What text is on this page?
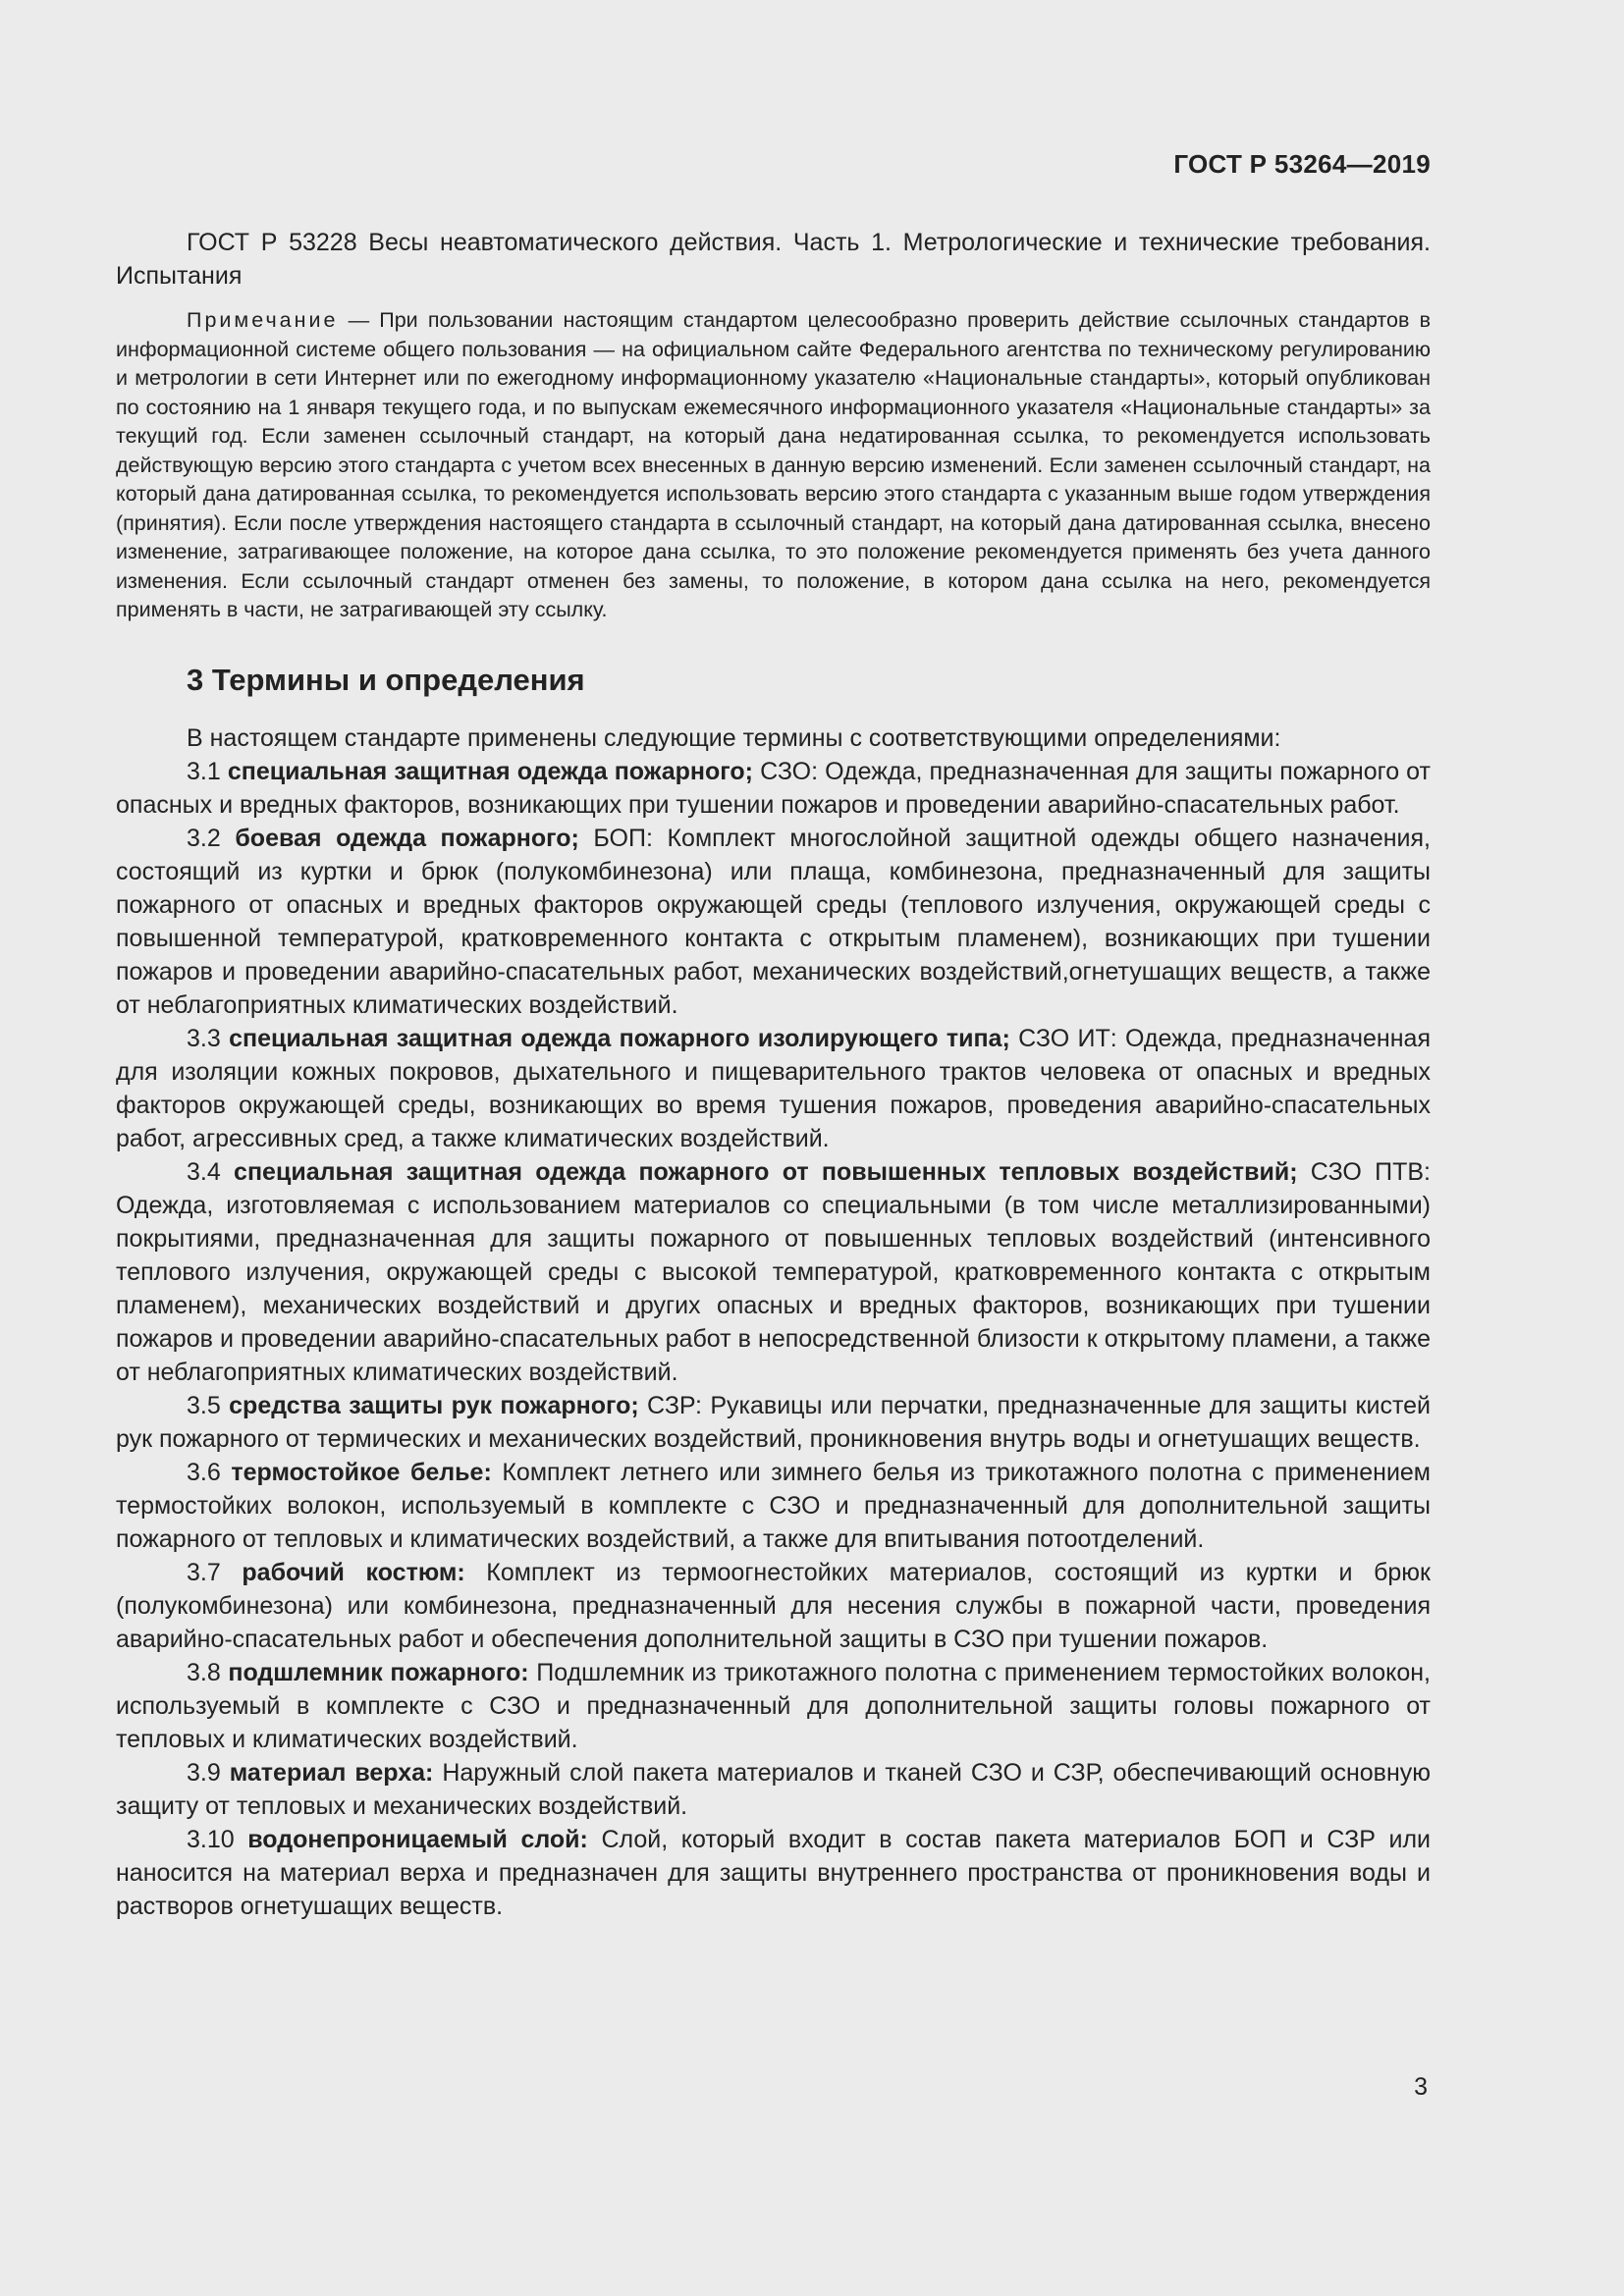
ГОСТ Р 53264—2019

ГОСТ Р 53228 Весы неавтоматического действия. Часть 1. Метрологические и технические требования. Испытания

Примечание — При пользовании настоящим стандартом целесообразно проверить действие ссылочных стандартов в информационной системе общего пользования — на официальном сайте Федерального агентства по техническому регулированию и метрологии в сети Интернет или по ежегодному информационному указателю «Национальные стандарты», который опубликован по состоянию на 1 января текущего года, и по выпускам ежемесячного информационного указателя «Национальные стандарты» за текущий год. Если заменен ссылочный стандарт, на который дана недатированная ссылка, то рекомендуется использовать действующую версию этого стандарта с учетом всех внесенных в данную версию изменений. Если заменен ссылочный стандарт, на который дана датированная ссылка, то рекомендуется использовать версию этого стандарта с указанным выше годом утверждения (принятия). Если после утверждения настоящего стандарта в ссылочный стандарт, на который дана датированная ссылка, внесено изменение, затрагивающее положение, на которое дана ссылка, то это положение рекомендуется применять без учета данного изменения. Если ссылочный стандарт отменен без замены, то положение, в котором дана ссылка на него, рекомендуется применять в части, не затрагивающей эту ссылку.

3 Термины и определения

В настоящем стандарте применены следующие термины с соответствующими определениями:

3.1 специальная защитная одежда пожарного; СЗО: Одежда, предназначенная для защиты пожарного от опасных и вредных факторов, возникающих при тушении пожаров и проведении аварийно-спасательных работ.

3.2 боевая одежда пожарного; БОП: Комплект многослойной защитной одежды общего назначения, состоящий из куртки и брюк (полукомбинезона) или плаща, комбинезона, предназначенный для защиты пожарного от опасных и вредных факторов окружающей среды (теплового излучения, окружающей среды с повышенной температурой, кратковременного контакта с открытым пламенем), возникающих при тушении пожаров и проведении аварийно-спасательных работ, механических воздействий,огнетушащих веществ, а также от неблагоприятных климатических воздействий.

3.3 специальная защитная одежда пожарного изолирующего типа; СЗО ИТ: Одежда, предназначенная для изоляции кожных покровов, дыхательного и пищеварительного трактов человека от опасных и вредных факторов окружающей среды, возникающих во время тушения пожаров, проведения аварийно-спасательных работ, агрессивных сред, а также климатических воздействий.

3.4 специальная защитная одежда пожарного от повышенных тепловых воздействий; СЗО ПТВ: Одежда, изготовляемая с использованием материалов со специальными (в том числе металлизированными) покрытиями, предназначенная для защиты пожарного от повышенных тепловых воздействий (интенсивного теплового излучения, окружающей среды с высокой температурой, кратковременного контакта с открытым пламенем), механических воздействий и других опасных и вредных факторов, возникающих при тушении пожаров и проведении аварийно-спасательных работ в непосредственной близости к открытому пламени, а также от неблагоприятных климатических воздействий.

3.5 средства защиты рук пожарного; СЗР: Рукавицы или перчатки, предназначенные для защиты кистей рук пожарного от термических и механических воздействий, проникновения внутрь воды и огнетушащих веществ.

3.6 термостойкое белье: Комплект летнего или зимнего белья из трикотажного полотна с применением термостойких волокон, используемый в комплекте с СЗО и предназначенный для дополнительной защиты пожарного от тепловых и климатических воздействий, а также для впитывания потоотделений.

3.7 рабочий костюм: Комплект из термоогнестойких материалов, состоящий из куртки и брюк (полукомбинезона) или комбинезона, предназначенный для несения службы в пожарной части, проведения аварийно-спасательных работ и обеспечения дополнительной защиты в СЗО при тушении пожаров.

3.8 подшлемник пожарного: Подшлемник из трикотажного полотна с применением термостойких волокон, используемый в комплекте с СЗО и предназначенный для дополнительной защиты головы пожарного от тепловых и климатических воздействий.

3.9 материал верха: Наружный слой пакета материалов и тканей СЗО и СЗР, обеспечивающий основную защиту от тепловых и механических воздействий.

3.10 водонепроницаемый слой: Слой, который входит в состав пакета материалов БОП и СЗР или наносится на материал верха и предназначен для защиты внутреннего пространства от проникновения воды и растворов огнетушащих веществ.

3
